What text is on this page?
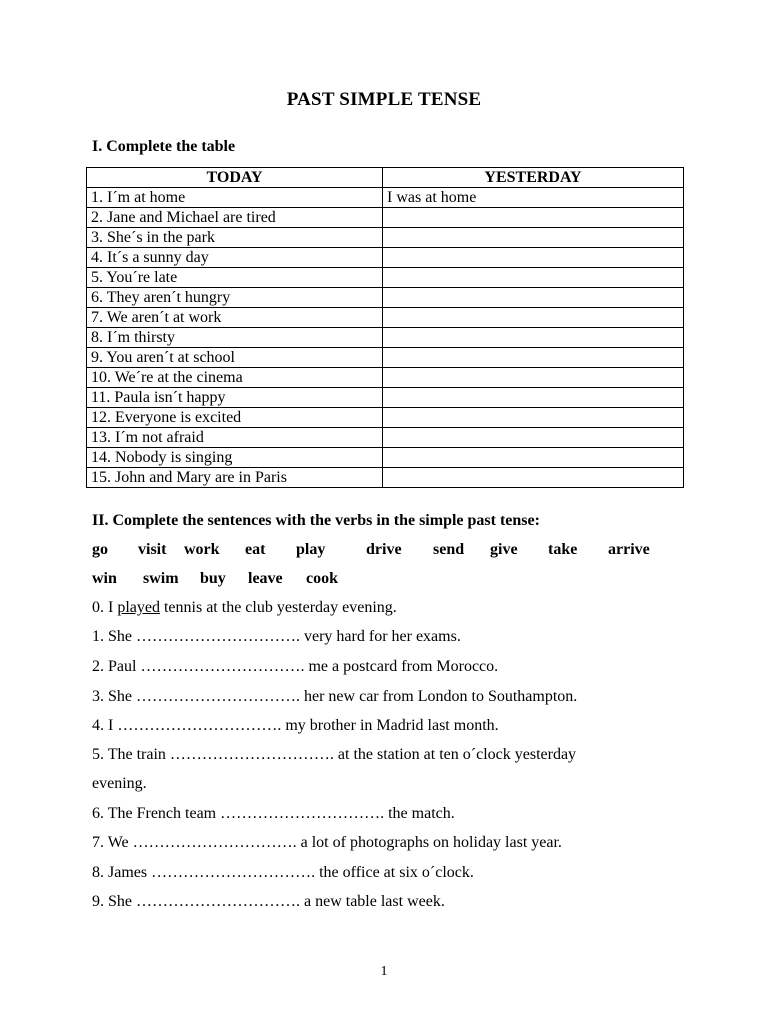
PAST SIMPLE TENSE
I. Complete the table
TODAY	YESTERDAY
1. I´m at home	I was at home
2. Jane and Michael are tired	
3. She´s in the park	
4. It´s a sunny day	
5. You´re late	
6. They aren´t hungry	
7. We aren´t at work	
8. I´m thirsty	
9. You aren´t at school	
10. We´re at the cinema	
11. Paula isn´t happy	
12. Everyone is excited	
13. I´m not afraid	
14. Nobody is singing	
15. John and Mary are in Paris	
II. Complete the sentences with the verbs in the simple past tense:
go visit work eat play	drive send give take arrive
win swim buy leave cook
0. I played tennis at the club yesterday evening.
1. She …………………………. very hard for her exams.
2. Paul …………………………. me a postcard from Morocco.
3. She …………………………. her new car from London to Southampton.
4. I …………………………. my brother in Madrid last month.
5. The train …………………………. at the station at ten o´clock yesterday
evening.
6. The French team …………………………. the match.
7. We …………………………. a lot of photographs on holiday last year.
8. James …………………………. the office at six o´clock.
9. She …………………………. a new table last week.
1
